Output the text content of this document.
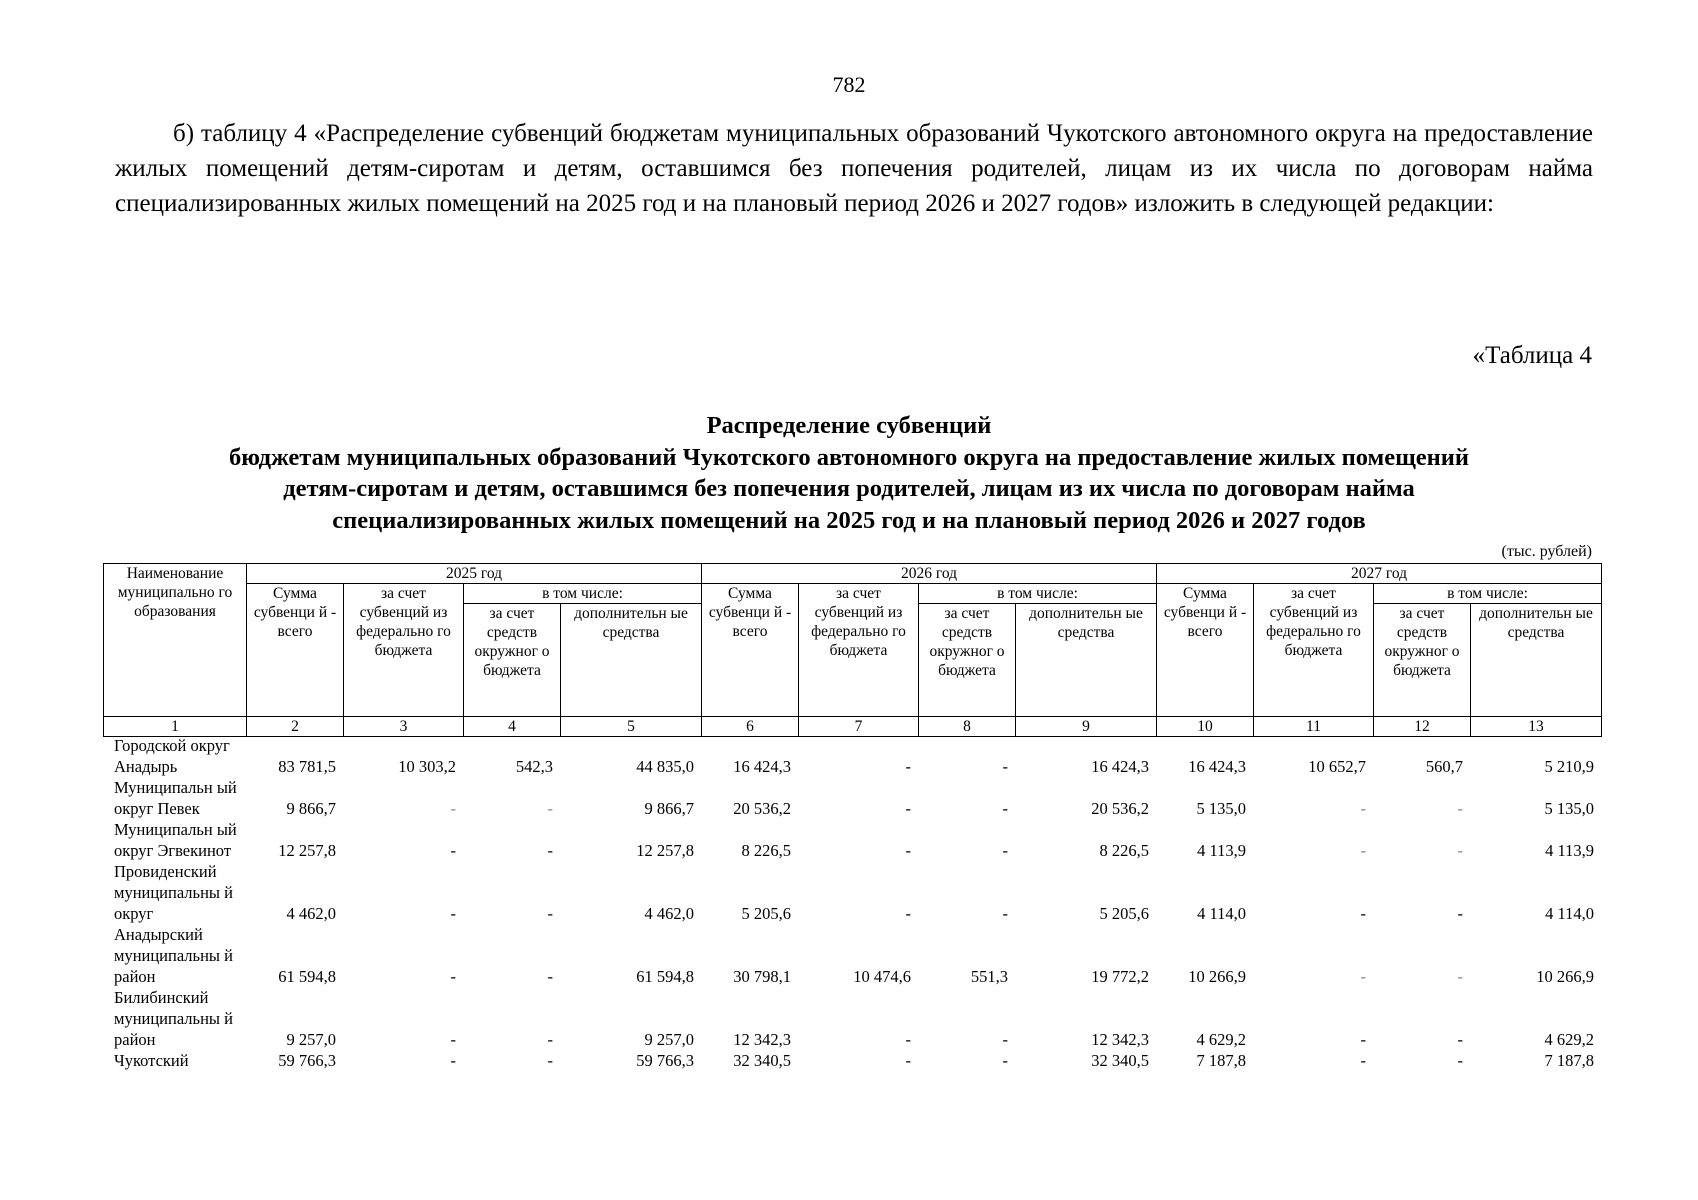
782
б) таблицу 4 «Распределение субвенций бюджетам муниципальных образований Чукотского автономного округа на предоставление жилых помещений детям-сиротам и детям, оставшимся без попечения родителей, лицам из их числа по договорам найма специализированных жилых помещений на 2025 год и на плановый период 2026 и 2027 годов» изложить в следующей редакции:
«Таблица 4
Распределение субвенций
бюджетам муниципальных образований Чукотского автономного округа на предоставление жилых помещений
детям-сиротам и детям, оставшимся без попечения родителей, лицам из их числа по договорам найма
специализированных жилых помещений на 2025 год и на плановый период 2026 и 2027 годов
(тыс. рублей)
Наименование муниципально го образования	2025 год				2026 год				2027 год			
	Сумма субвенци й - всего	за счет субвенций из федерально го бюджета	в том числе:		Сумма субвенци й - всего	за счет субвенций из федерально го бюджета	в том числе:		Сумма субвенци й - всего	за счет субвенций из федерально го бюджета	в том числе:	
			за счет средств окружног о бюджета	дополнительн ые средства			за счет средств окружног о бюджета	дополнительн ые средства			за счет средств окружног о бюджета	дополнительн ые средства
1	2	3	4	5	6	7	8	9	10	11	12	13
Городской округ Анадырь	83 781,5	10 303,2	542,3	44 835,0	16 424,3	-	-	16 424,3	16 424,3	10 652,7	560,7	5 210,9
Муниципальн ый округ Певек	9 866,7	-	-	9 866,7	20 536,2	-	-	20 536,2	5 135,0	-	-	5 135,0
Муниципальн ый округ Эгвекинот	12 257,8	-	-	12 257,8	8 226,5	-	-	8 226,5	4 113,9	-	-	4 113,9
Провиденский муниципальны й округ	4 462,0	-	-	4 462,0	5 205,6	-	-	5 205,6	4 114,0	-	-	4 114,0
Анадырский муниципальны й район	61 594,8	-	-	61 594,8	30 798,1	10 474,6	551,3	19 772,2	10 266,9	-	-	10 266,9
Билибинский муниципальны й район	9 257,0	-	-	9 257,0	12 342,3	-	-	12 342,3	4 629,2	-	-	4 629,2
Чукотский	59 766,3	-	-	59 766,3	32 340,5	-	-	32 340,5	7 187,8	-	-	7 187,8
